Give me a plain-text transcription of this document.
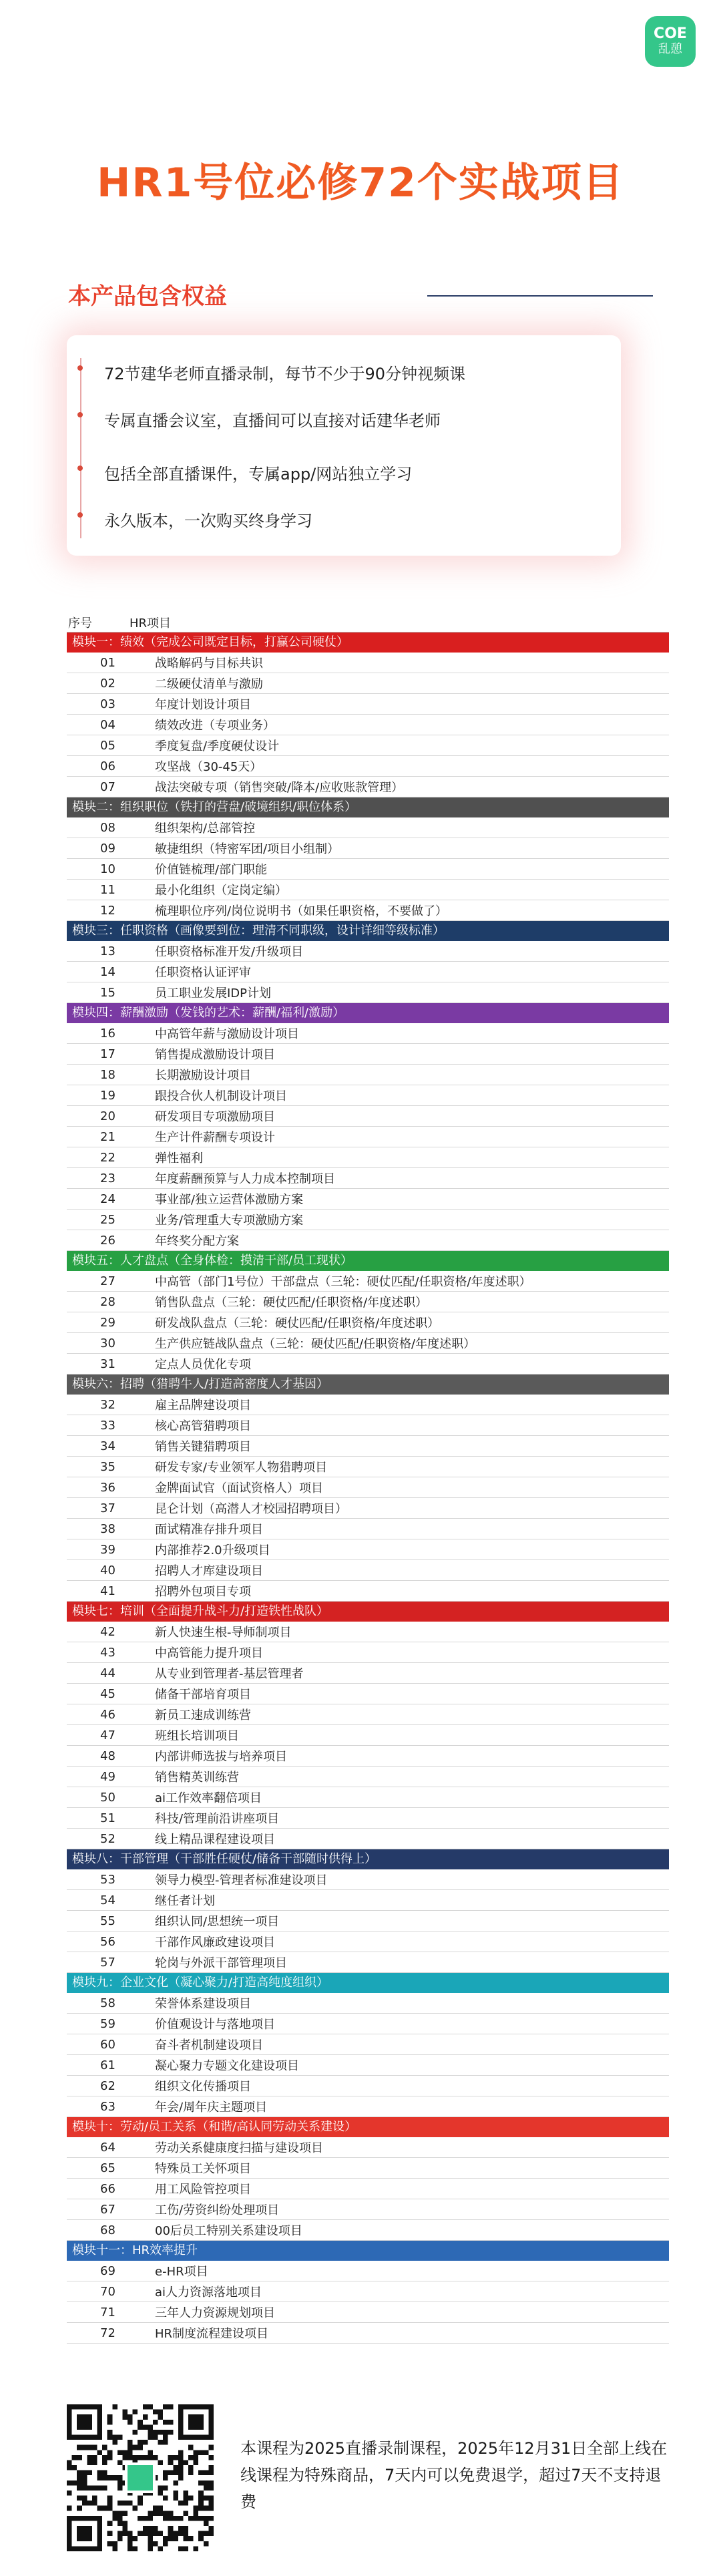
COE
乱憩
HR1号位必修72个实战项目
本产品包含权益
72节建华老师直播录制，每节不少于90分钟视频课
专属直播会议室，直播间可以直接对话建华老师
包括全部直播课件，专属app/网站独立学习
永久版本，一次购买终身学习
序号	HR项目
模块一：绩效（完成公司既定目标，打赢公司硬仗）
01	战略解码与目标共识
02	二级硬仗清单与激励
03	年度计划设计项目
04	绩效改进（专项业务）
05	季度复盘/季度硬仗设计
06	攻坚战（30-45天）
07	战法突破专项（销售突破/降本/应收账款管理）
模块二：组织职位（铁打的营盘/破境组织/职位体系）
08	组织架构/总部管控
09	敏捷组织（特密军团/项目小组制）
10	价值链梳理/部门职能
11	最小化组织（定岗定编）
12	梳理职位序列/岗位说明书（如果任职资格，不要做了）
模块三：任职资格（画像要到位：理清不同职级，设计详细等级标准）
13	任职资格标准开发/升级项目
14	任职资格认证评审
15	员工职业发展IDP计划
模块四：薪酬激励（发钱的艺术：薪酬/福利/激励）
16	中高管年薪与激励设计项目
17	销售提成激励设计项目
18	长期激励设计项目
19	跟投合伙人机制设计项目
20	研发项目专项激励项目
21	生产计件薪酬专项设计
22	弹性福利
23	年度薪酬预算与人力成本控制项目
24	事业部/独立运营体激励方案
25	业务/管理重大专项激励方案
26	年终奖分配方案
模块五：人才盘点（全身体检：摸清干部/员工现状）
27	中高管（部门1号位）干部盘点（三轮：硬仗匹配/任职资格/年度述职）
28	销售队盘点（三轮：硬仗匹配/任职资格/年度述职）
29	研发战队盘点（三轮：硬仗匹配/任职资格/年度述职）
30	生产供应链战队盘点（三轮：硬仗匹配/任职资格/年度述职）
31	定点人员优化专项
模块六：招聘（猎聘牛人/打造高密度人才基因）
32	雇主品牌建设项目
33	核心高管猎聘项目
34	销售关键猎聘项目
35	研发专家/专业领军人物猎聘项目
36	金牌面试官（面试资格人）项目
37	昆仑计划（高潜人才校园招聘项目）
38	面试精准存排升项目
39	内部推荐2.0升级项目
40	招聘人才库建设项目
41	招聘外包项目专项
模块七：培训（全面提升战斗力/打造铁性战队）
42	新人快速生根-导师制项目
43	中高管能力提升项目
44	从专业到管理者-基层管理者
45	储备干部培育项目
46	新员工速成训练营
47	班组长培训项目
48	内部讲师选拔与培养项目
49	销售精英训练营
50	ai工作效率翻倍项目
51	科技/管理前沿讲座项目
52	线上精品课程建设项目
模块八：干部管理（干部胜任硬仗/储备干部随时供得上）
53	领导力模型-管理者标准建设项目
54	继任者计划
55	组织认同/思想统一项目
56	干部作风廉政建设项目
57	轮岗与外派干部管理项目
模块九：企业文化（凝心聚力/打造高纯度组织）
58	荣誉体系建设项目
59	价值观设计与落地项目
60	奋斗者机制建设项目
61	凝心聚力专题文化建设项目
62	组织文化传播项目
63	年会/周年庆主题项目
模块十：劳动/员工关系（和谐/高认同劳动关系建设）
64	劳动关系健康度扫描与建设项目
65	特殊员工关怀项目
66	用工风险管控项目
67	工伤/劳资纠纷处理项目
68	00后员工特别关系建设项目
模块十一：HR效率提升
69	e-HR项目
70	ai人力资源落地项目
71	三年人力资源规划项目
72	HR制度流程建设项目

本课程为2025直播录制课程，2025年12月31日全部上线在线课程为特殊商品，7天内可以免费退学，超过7天不支持退费
